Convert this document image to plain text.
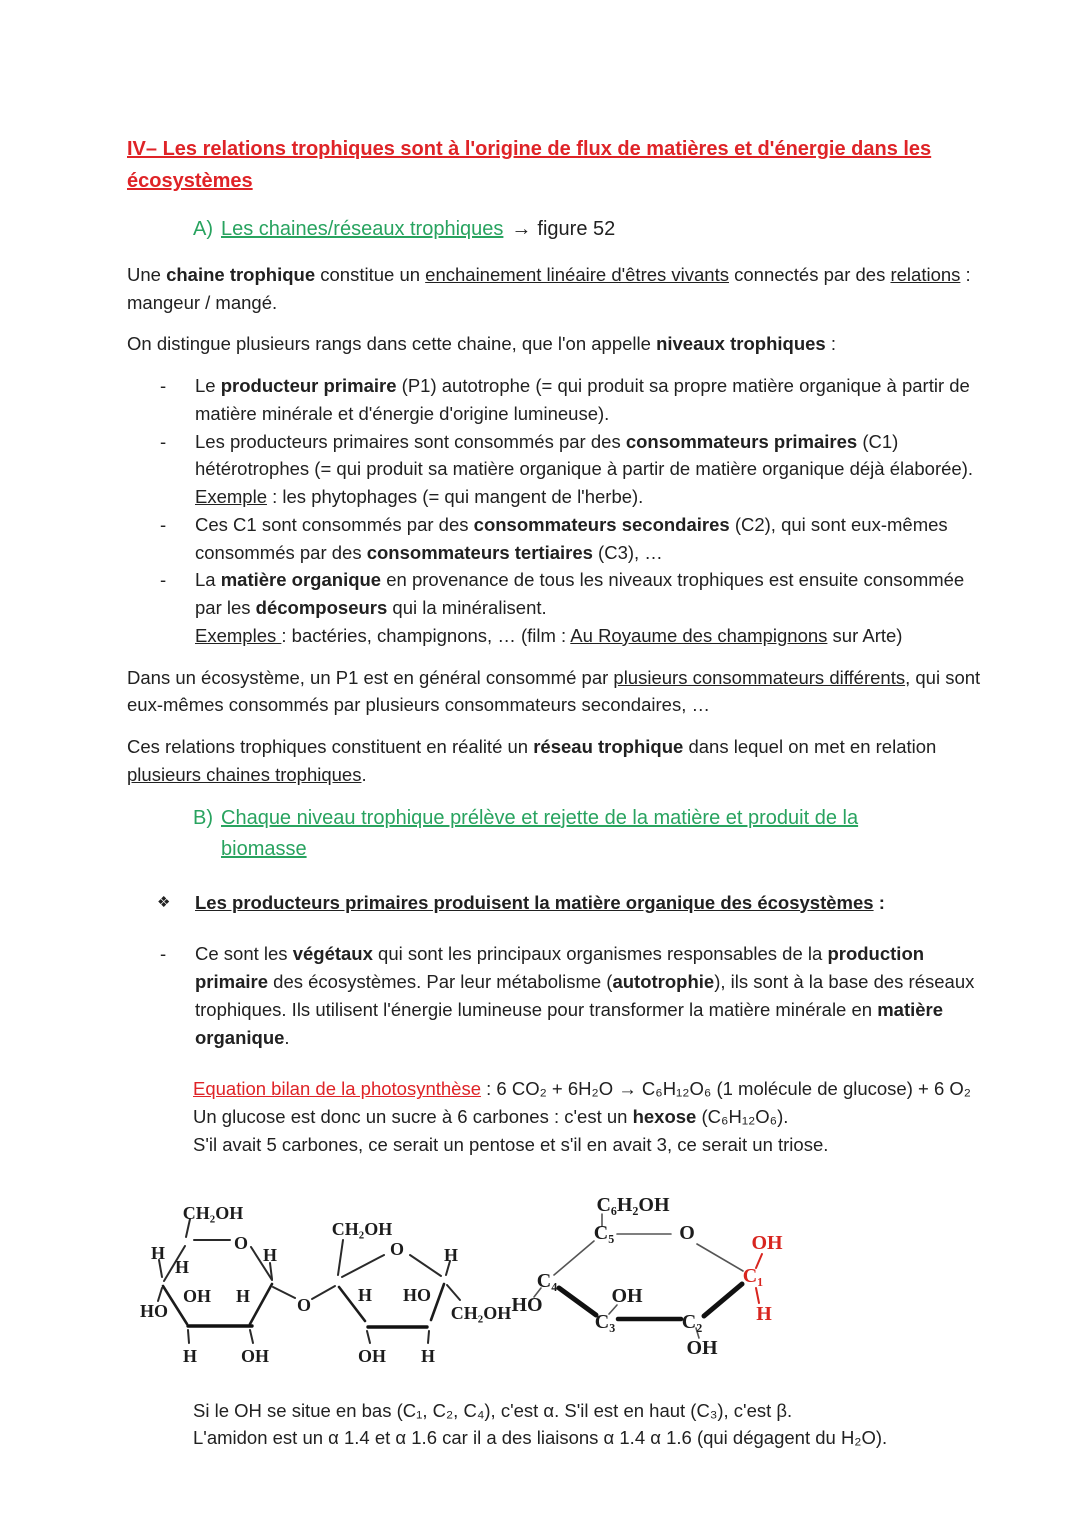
IV– Les relations trophiques sont à l'origine de flux de matières et d'énergie dans les
écosystèmes
A) Les chaines/réseaux trophiques → figure 52

Une chaine trophique constitue un enchainement linéaire d'êtres vivants connectés par des relations : mangeur / mangé.

On distingue plusieurs rangs dans cette chaine, que l'on appelle niveaux trophiques :

-	Le producteur primaire (P1) autotrophe (= qui produit sa propre matière organique à partir de matière minérale et d'énergie d'origine lumineuse).
-	Les producteurs primaires sont consommés par des consommateurs primaires (C1) hétérotrophes (= qui produit sa matière organique à partir de matière organique déjà élaborée). Exemple : les phytophages (= qui mangent de l'herbe).
-	Ces C1 sont consommés par des consommateurs secondaires (C2), qui sont eux-mêmes consommés par des consommateurs tertiaires (C3), …
-	La matière organique en provenance de tous les niveaux trophiques est ensuite consommée par les décomposeurs qui la minéralisent.
Exemples : bactéries, champignons, … (film : Au Royaume des champignons sur Arte)

Dans un écosystème, un P1 est en général consommé par plusieurs consommateurs différents, qui sont eux-mêmes consommés par plusieurs consommateurs secondaires, …

Ces relations trophiques constituent en réalité un réseau trophique dans lequel on met en relation plusieurs chaines trophiques.

B) Chaque niveau trophique prélève et rejette de la matière et produit de la
biomasse
❖	Les producteurs primaires produisent la matière organique des écosystèmes :
-	Ce sont les végétaux qui sont les principaux organismes responsables de la production primaire des écosystèmes. Par leur métabolisme (autotrophie), ils sont à la base des réseaux trophiques. Ils utilisent l'énergie lumineuse pour transformer la matière minérale en matière organique.
Equation bilan de la photosynthèse : 6 CO₂ + 6H₂O → C₆H₁₂O₆ (1 molécule de glucose) + 6 O₂
Un glucose est donc un sucre à 6 carbones : c'est un hexose (C₆H₁₂O₆).
S'il avait 5 carbones, ce serait un pentose et s'il en avait 3, ce serait un triose.
CH₂OH
H	O
H
H
OH H
HO
H OH
O
CH₂OH
O H
H HO
CH₂OH
OH H
C₆H₂OH
C₅	O
C₂
OH
C₃
OH
C₄
HO
OH
C₁
H
Si le OH se situe en bas (C₁, C₂, C₄), c'est α. S'il est en haut (C₃), c'est β.
L'amidon est un α 1.4 et α 1.6 car il a des liaisons α 1.4 α 1.6 (qui dégagent du H₂O).
